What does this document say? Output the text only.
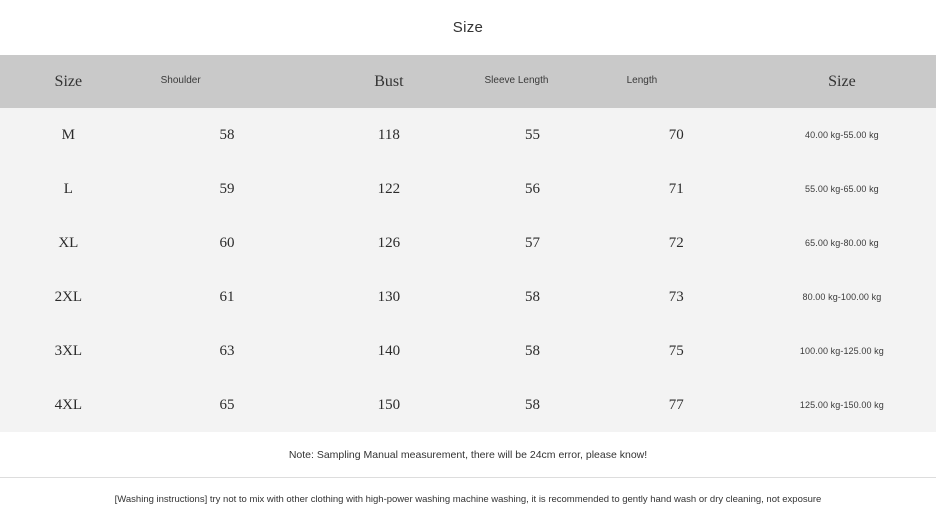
Size
Size	Shoulder	Bust	Sleeve Length	Length	Size
M	58	118	55	70	40.00 kg-55.00 kg
L	59	122	56	71	55.00 kg-65.00 kg
XL	60	126	57	72	65.00 kg-80.00 kg
2XL	61	130	58	73	80.00 kg-100.00 kg
3XL	63	140	58	75	100.00 kg-125.00 kg
4XL	65	150	58	77	125.00 kg-150.00 kg
Note: Sampling Manual measurement, there will be 24cm error, please know!
[Washing instructions] try not to mix with other clothing with high-power washing machine washing, it is recommended to gently hand wash or dry cleaning, not exposure
